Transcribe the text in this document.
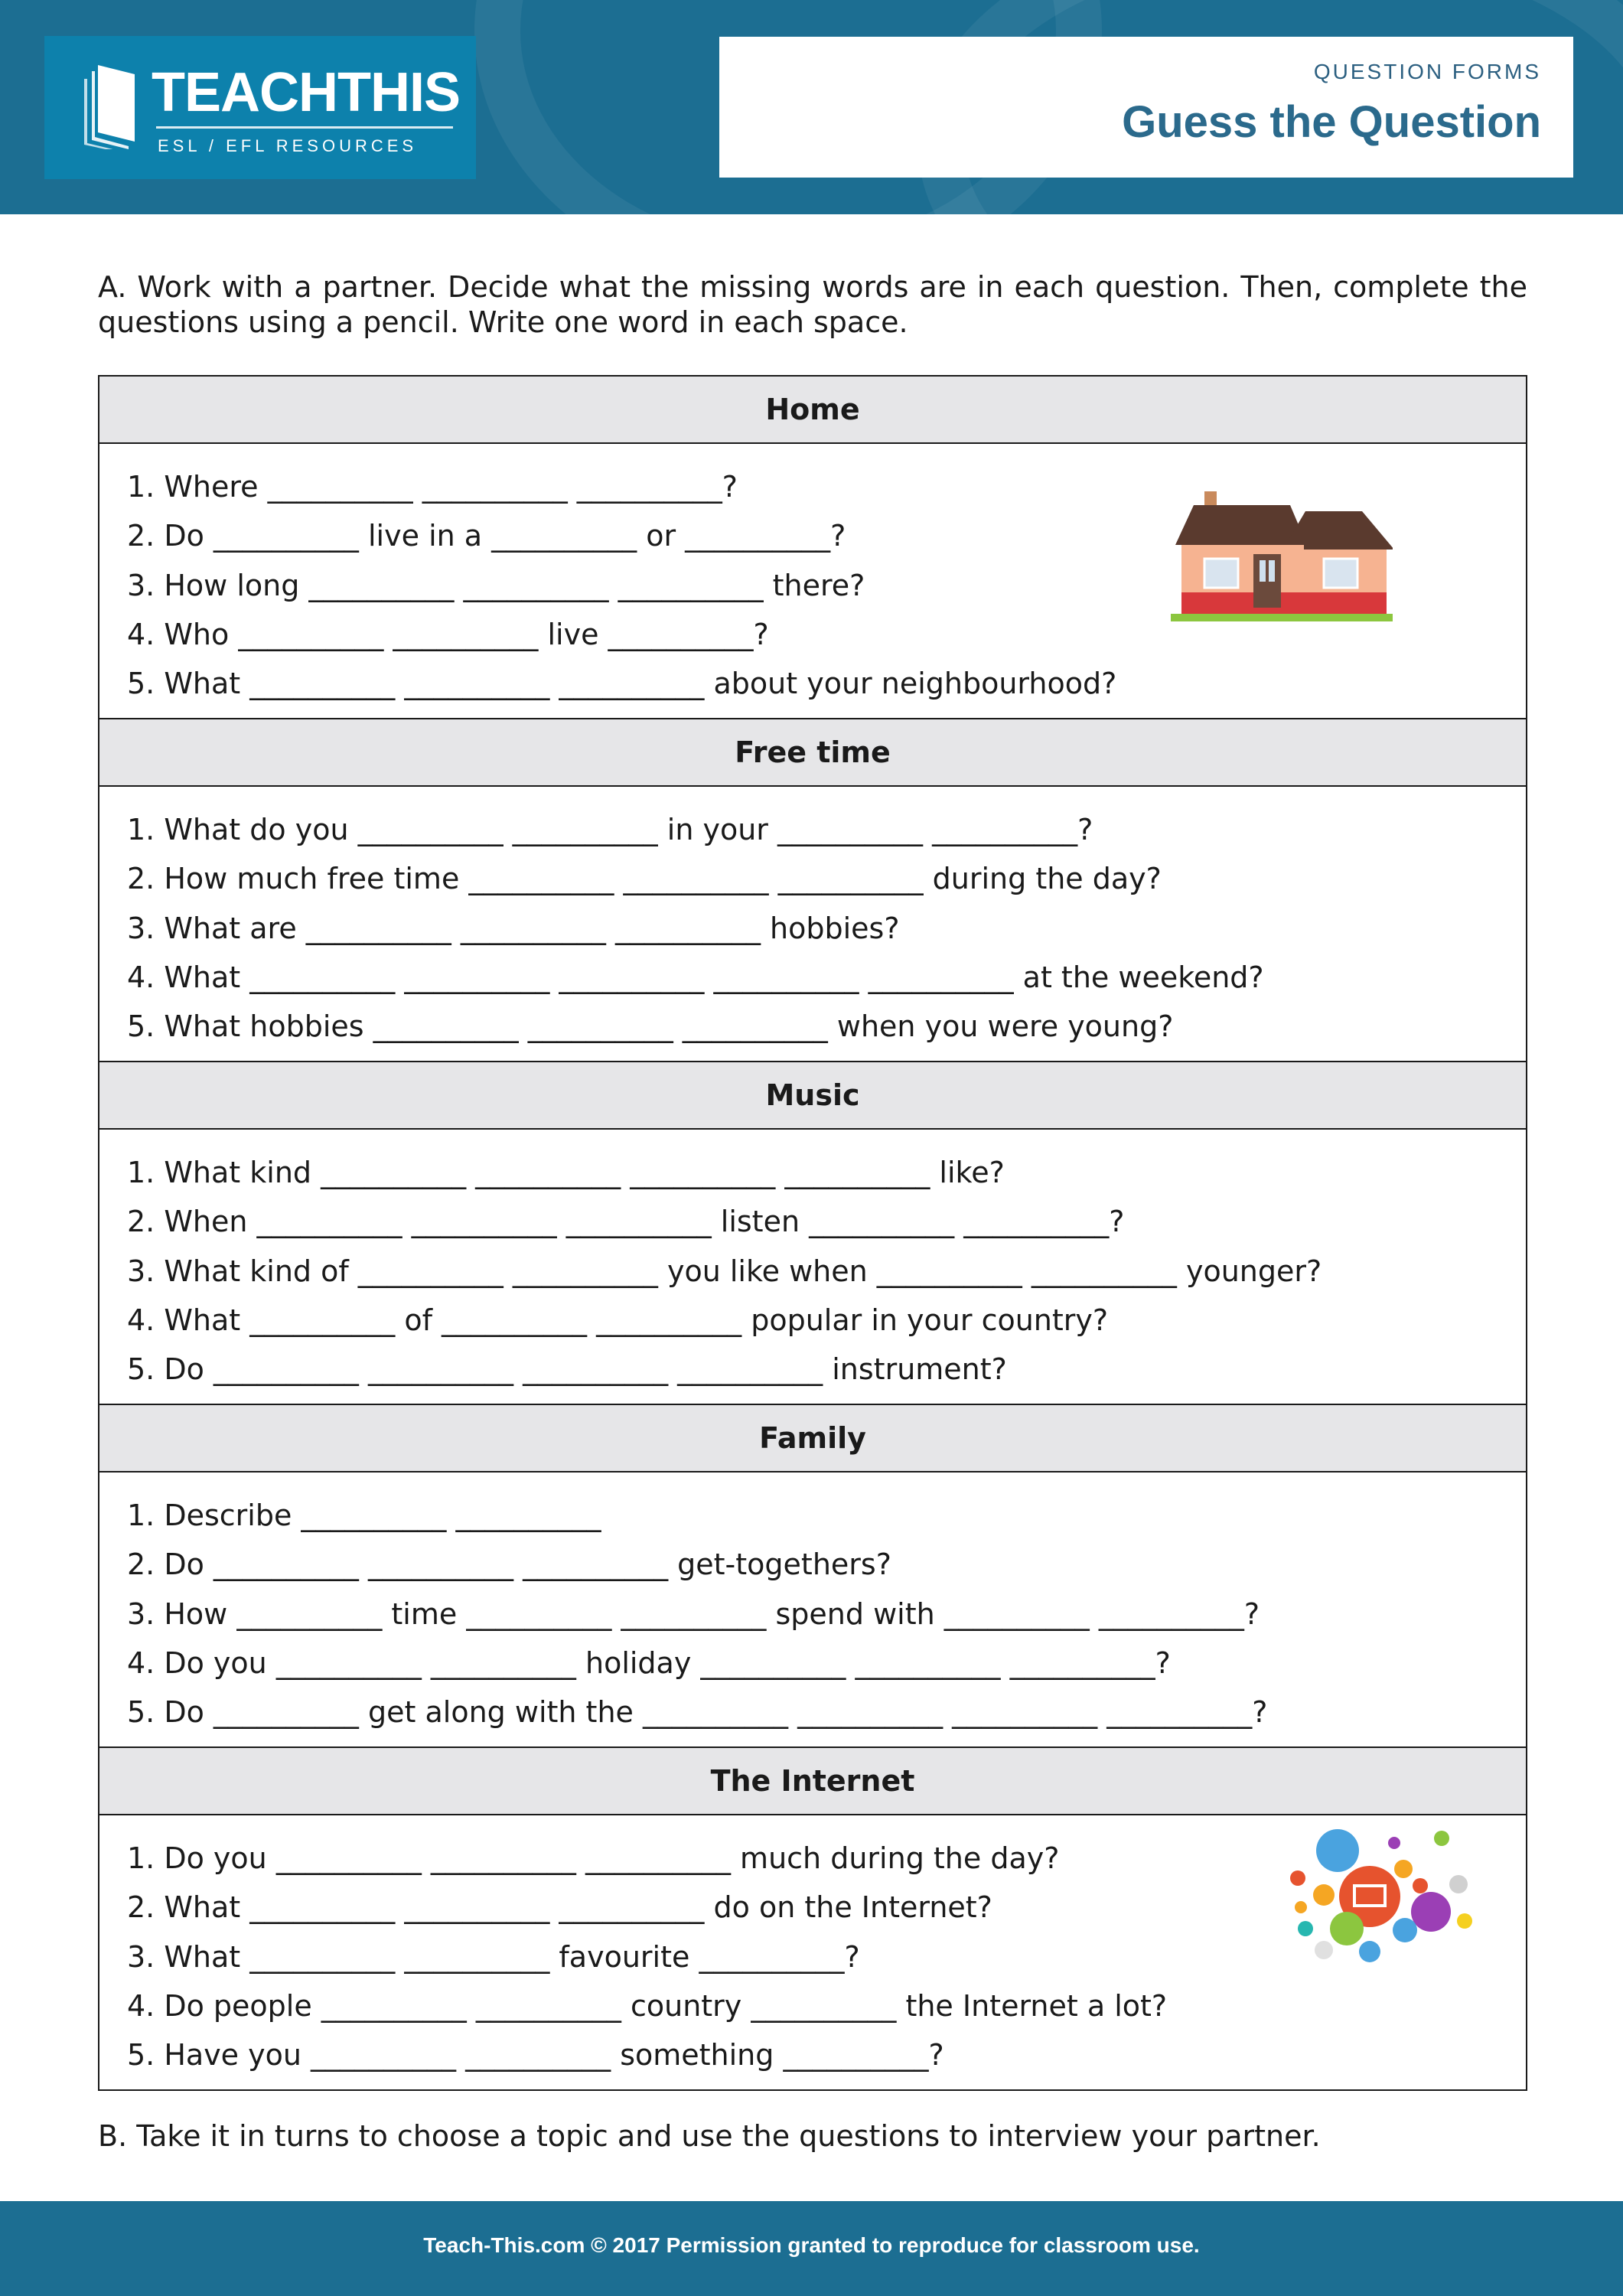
TEACHTHIS
ESL / EFL RESOURCES
QUESTION FORMS
Guess the Question
A. Work with a partner. Decide what the missing words are in each question. Then, complete the questions using a pencil. Write one word in each space.
Home
1. Where __________ __________ __________?
2. Do __________ live in a __________ or __________?
3. How long __________ __________ __________ there?
4. Who __________ __________ live __________?
5. What __________ __________ __________ about your neighbourhood?
Free time
1. What do you __________ __________ in your __________ __________?
2. How much free time __________ __________ __________ during the day?
3. What are __________ __________ __________ hobbies?
4. What __________ __________ __________ __________ __________ at the weekend?
5. What hobbies __________ __________ __________ when you were young?
Music
1. What kind __________ __________ __________ __________ like?
2. When __________ __________ __________ listen __________ __________?
3. What kind of __________ __________ you like when __________ __________ younger?
4. What __________ of __________ __________ popular in your country?
5. Do __________ __________ __________ __________ instrument?
Family
1. Describe __________ __________
2. Do __________ __________ __________ get-togethers?
3. How __________ time __________ __________ spend with __________ __________?
4. Do you __________ __________ holiday __________ __________ __________?
5. Do __________ get along with the __________ __________ __________ __________?
The Internet
1. Do you __________ __________ __________ much during the day?
2. What __________ __________ __________ do on the Internet?
3. What __________ __________ favourite __________?
4. Do people __________ __________ country __________ the Internet a lot?
5. Have you __________ __________ something __________?
B. Take it in turns to choose a topic and use the questions to interview your partner.
Teach-This.com © 2017 Permission granted to reproduce for classroom use.
